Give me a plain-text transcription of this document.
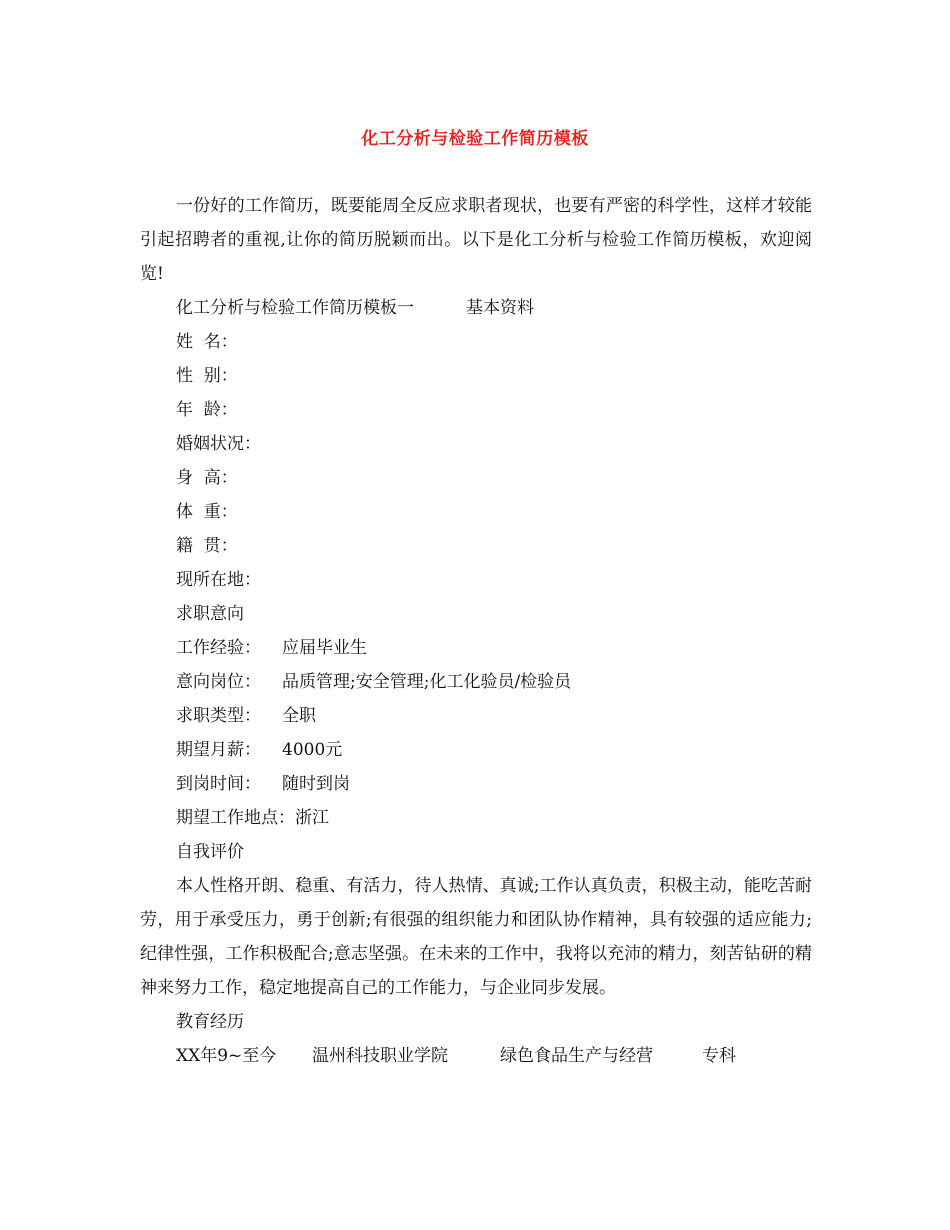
化工分析与检验工作简历模板

一份好的工作简历，既要能周全反应求职者现状，也要有严密的科学性，这样才较能引起招聘者的重视,让你的简历脱颖而出。以下是化工分析与检验工作简历模板，欢迎阅览!

化工分析与检验工作简历模板一	基本资料

姓  名：

性  别：

年  龄：

婚姻状况：

身  高：

体  重：

籍  贯：

现所在地：

求职意向

工作经验： 应届毕业生

意向岗位： 品质管理;安全管理;化工化验员/检验员

求职类型： 全职

期望月薪： 4000元

到岗时间： 随时到岗

期望工作地点：浙江

自我评价

本人性格开朗、稳重、有活力，待人热情、真诚;工作认真负责，积极主动，能吃苦耐劳，用于承受压力，勇于创新;有很强的组织能力和团队协作精神，具有较强的适应能力;纪律性强，工作积极配合;意志坚强。在未来的工作中，我将以充沛的精力，刻苦钻研的精神来努力工作，稳定地提高自己的工作能力，与企业同步发展。

教育经历

XX年9~至今 温州科技职业学院	绿色食品生产与经营	专科
